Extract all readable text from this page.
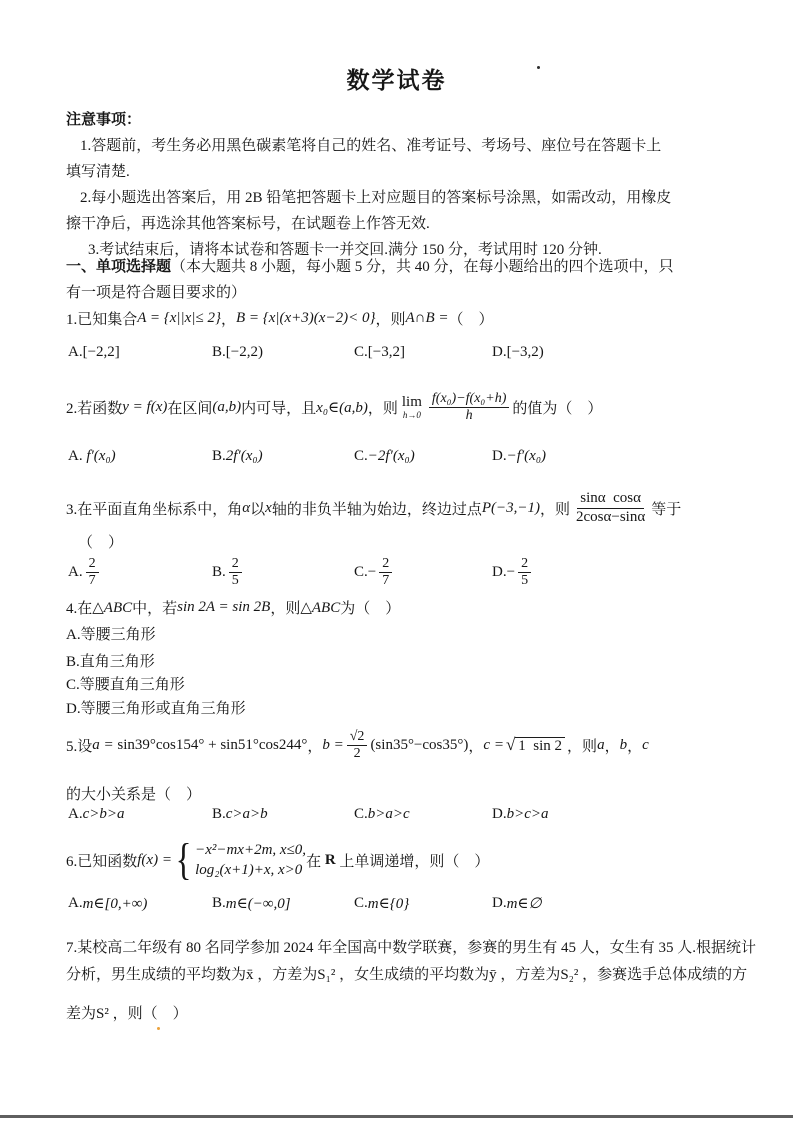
数学试卷
注意事项：
1.答题前，考生务必用黑色碳素笔将自己的姓名、准考证号、考场号、座位号在答题卡上
填写清楚.
2.每小题选出答案后，用 2B 铅笔把答题卡上对应题目的答案标号涂黑，如需改动，用橡皮
擦干净后，再选涂其他答案标号，在试题卷上作答无效.
3.考试结束后，请将本试卷和答题卡一并交回.满分 150 分，考试用时 120 分钟.
一、单项选择题 （本大题共 8 小题，每小题 5 分，共 40 分，在每小题给出的四个选项中，只
有一项是符合题目要求的）
1.已知集合 A = {x||x|≤ 2} ， B = {x|(x+3)(x−2)< 0} ，则 A∩B = （　）
A. [−2,2]	B. [−2,2)	C. [−3,2]	D. [−3,2)
2.若函数 y = f(x) 在区间 (a,b) 内可导，且 x₀∈(a,b) ，则 lim
$h\to 0 \frac{\text{f(x₀)−f(x₀+h)}}{h}$ 的值为（　）
A. f′(x₀)	B. 2f′(x₀)	C. −2f′(x₀)	D. −f′(x₀)
3.在平面直角坐标系中，角 α 以 x 轴的非负半轴为始边，终边过点 P(−3,−1) ，则 $\frac{\text{sinα  cosα}}{2\cos\alpha-\sin\alpha}$ 等于
（　）
A. $\frac{2}{7}$	B. $\frac{2}{5}$	C. − $\frac{2}{7}$	D. − $\frac{2}{5}$
4.在 △ABC 中，若 sin 2A = sin 2B ，则 △ABC 为（　）
A.等腰三角形
B.直角三角形
C.等腰直角三角形
D.等腰三角形或直角三角形
5.设 a = sin39°cos154° + sin51°cos244° ， $b = \frac{√2}{2} (\sin 35^\circ-\cos 35^\circ)$ ， c = √ 1  sin 2 ，则 a ， b ， c
的大小关系是（　）
A. c>b>a	B. c>a>b	C. b>a>c	D. b>c>a
6.已知函数 f(x) = { −x²−mx+2m, x≤0,
log₂(x+1)+x, x>0 在 R 上单调递增，则（　）
A. m∈[0,+∞)	B. m∈(−∞,0]	C. m∈{0}	D. m∈∅
7.某校高二年级有 80 名同学参加 2024 年全国高中数学联赛，参赛的男生有 45 人，女生有 35 人.根据统计
分析，男生成绩的平均数为x̄ ，方差为S₁² ，女生成绩的平均数为ȳ ，方差为S₂² ，参赛选手总体成绩的方
差为S² ，则（　）
